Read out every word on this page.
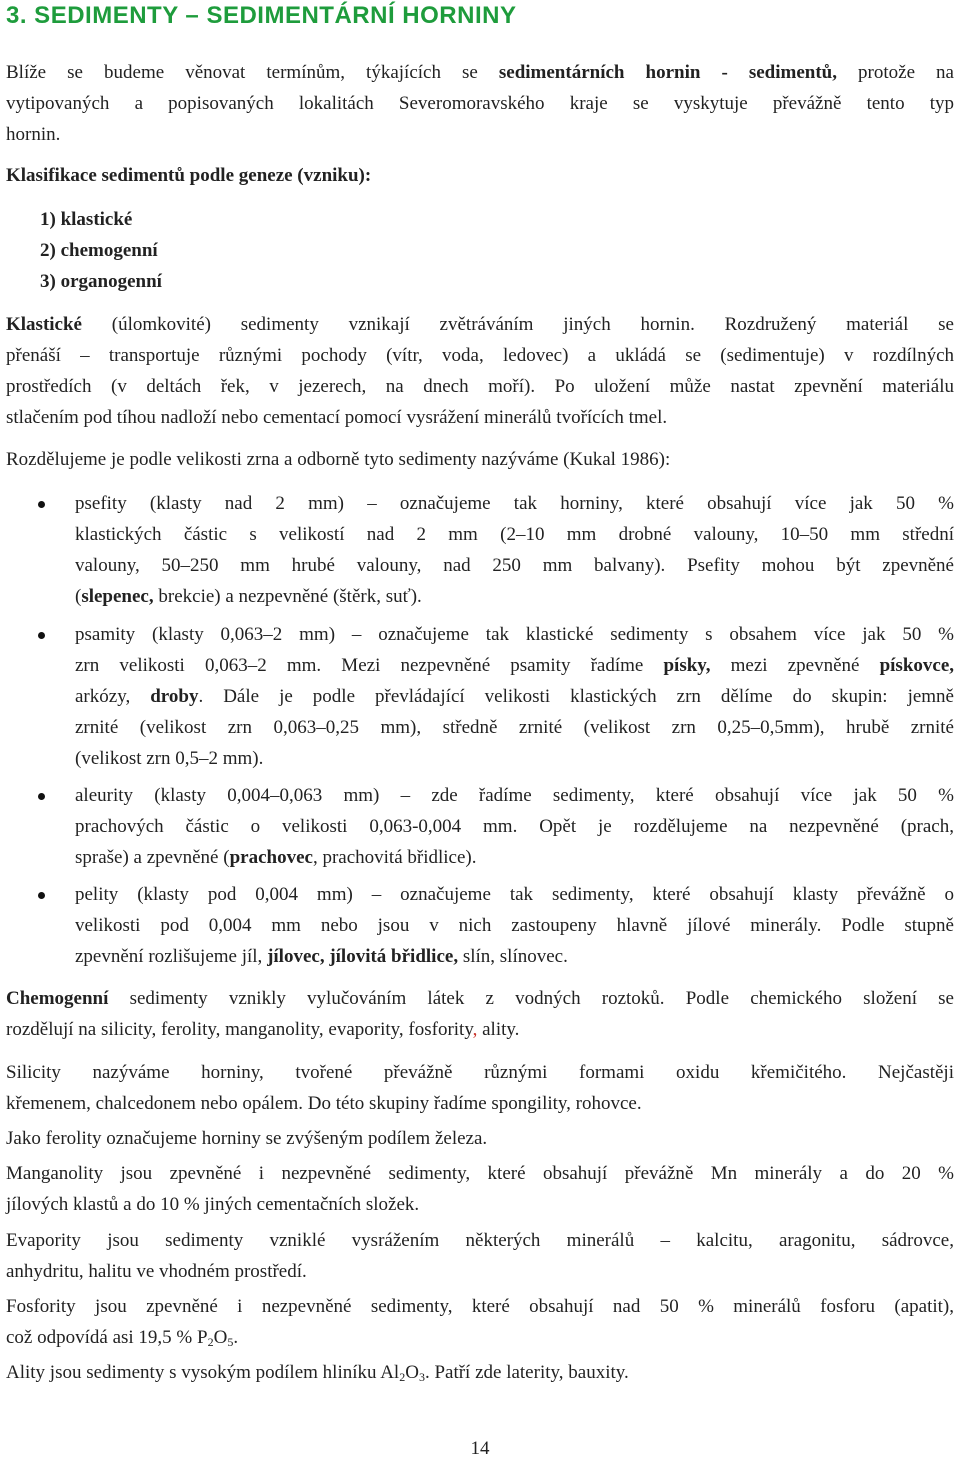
3. SEDIMENTY – SEDIMENTÁRNÍ HORNINY
Blíže se budeme věnovat termínům, týkajících se sedimentárních hornin - sedimentů, protože na
vytipovaných a popisovaných lokalitách Severomoravského kraje se vyskytuje převážně tento typ
hornin.
Klasifikace sedimentů podle geneze (vzniku):
1) klastické
2) chemogenní
3) organogenní
Klastické (úlomkovité) sedimenty vznikají zvětráváním jiných hornin. Rozdružený materiál se
přenáší – transportuje různými pochody (vítr, voda, ledovec) a ukládá se (sedimentuje) v rozdílných
prostředích (v deltách řek, v jezerech, na dnech moří). Po uložení může nastat zpevnění materiálu
stlačením pod tíhou nadloží nebo cementací pomocí vysrážení minerálů tvořících tmel.
Rozdělujeme je podle velikosti zrna a odborně tyto sedimenty nazýváme (Kukal 1986):
psefity (klasty nad 2 mm) – označujeme tak horniny, které obsahují více jak 50 %
klastických částic s velikostí nad 2 mm (2–10 mm drobné valouny, 10–50 mm střední
valouny, 50–250 mm hrubé valouny, nad 250 mm balvany). Psefity mohou být zpevněné
(slepenec, brekcie) a nezpevněné (štěrk, suť).
psamity (klasty 0,063–2 mm) – označujeme tak klastické sedimenty s obsahem více jak 50 %
zrn velikosti 0,063–2 mm. Mezi nezpevněné psamity řadíme písky, mezi zpevněné pískovce,
arkózy, droby. Dále je podle převládající velikosti klastických zrn dělíme do skupin: jemně
zrnité (velikost zrn 0,063–0,25 mm), středně zrnité (velikost zrn 0,25–0,5mm), hrubě zrnité
(velikost zrn 0,5–2 mm).
aleurity (klasty 0,004–0,063 mm) – zde řadíme sedimenty, které obsahují více jak 50 %
prachových částic o velikosti 0,063-0,004 mm. Opět je rozdělujeme na nezpevněné (prach,
spraše) a zpevněné (prachovec, prachovitá břidlice).
pelity (klasty pod 0,004 mm) – označujeme tak sedimenty, které obsahují klasty převážně o
velikosti pod 0,004 mm nebo jsou v nich zastoupeny hlavně jílové minerály. Podle stupně
zpevnění rozlišujeme jíl, jílovec, jílovitá břidlice, slín, slínovec.
Chemogenní sedimenty vznikly vylučováním látek z vodných roztoků. Podle chemického složení se
rozdělují na silicity, ferolity, manganolity, evapority, fosfority, ality.
Silicity nazýváme horniny, tvořené převážně různými formami oxidu křemičitého. Nejčastěji
křemenem, chalcedonem nebo opálem. Do této skupiny řadíme spongility, rohovce.
Jako ferolity označujeme horniny se zvýšeným podílem železa.
Manganolity jsou zpevněné i nezpevněné sedimenty, které obsahují převážně Mn minerály a do 20 %
jílových klastů a do 10 % jiných cementačních složek.
Evapority jsou sedimenty vzniklé vysrážením některých minerálů – kalcitu, aragonitu, sádrovce,
anhydritu, halitu ve vhodném prostředí.
Fosfority jsou zpevněné i nezpevněné sedimenty, které obsahují nad 50 % minerálů fosforu (apatit),
což odpovídá asi 19,5 % $P_2O_5$.
Ality jsou sedimenty s vysokým podílem hliníku $Al_2O_3$. Patří zde laterity, bauxity.
14
